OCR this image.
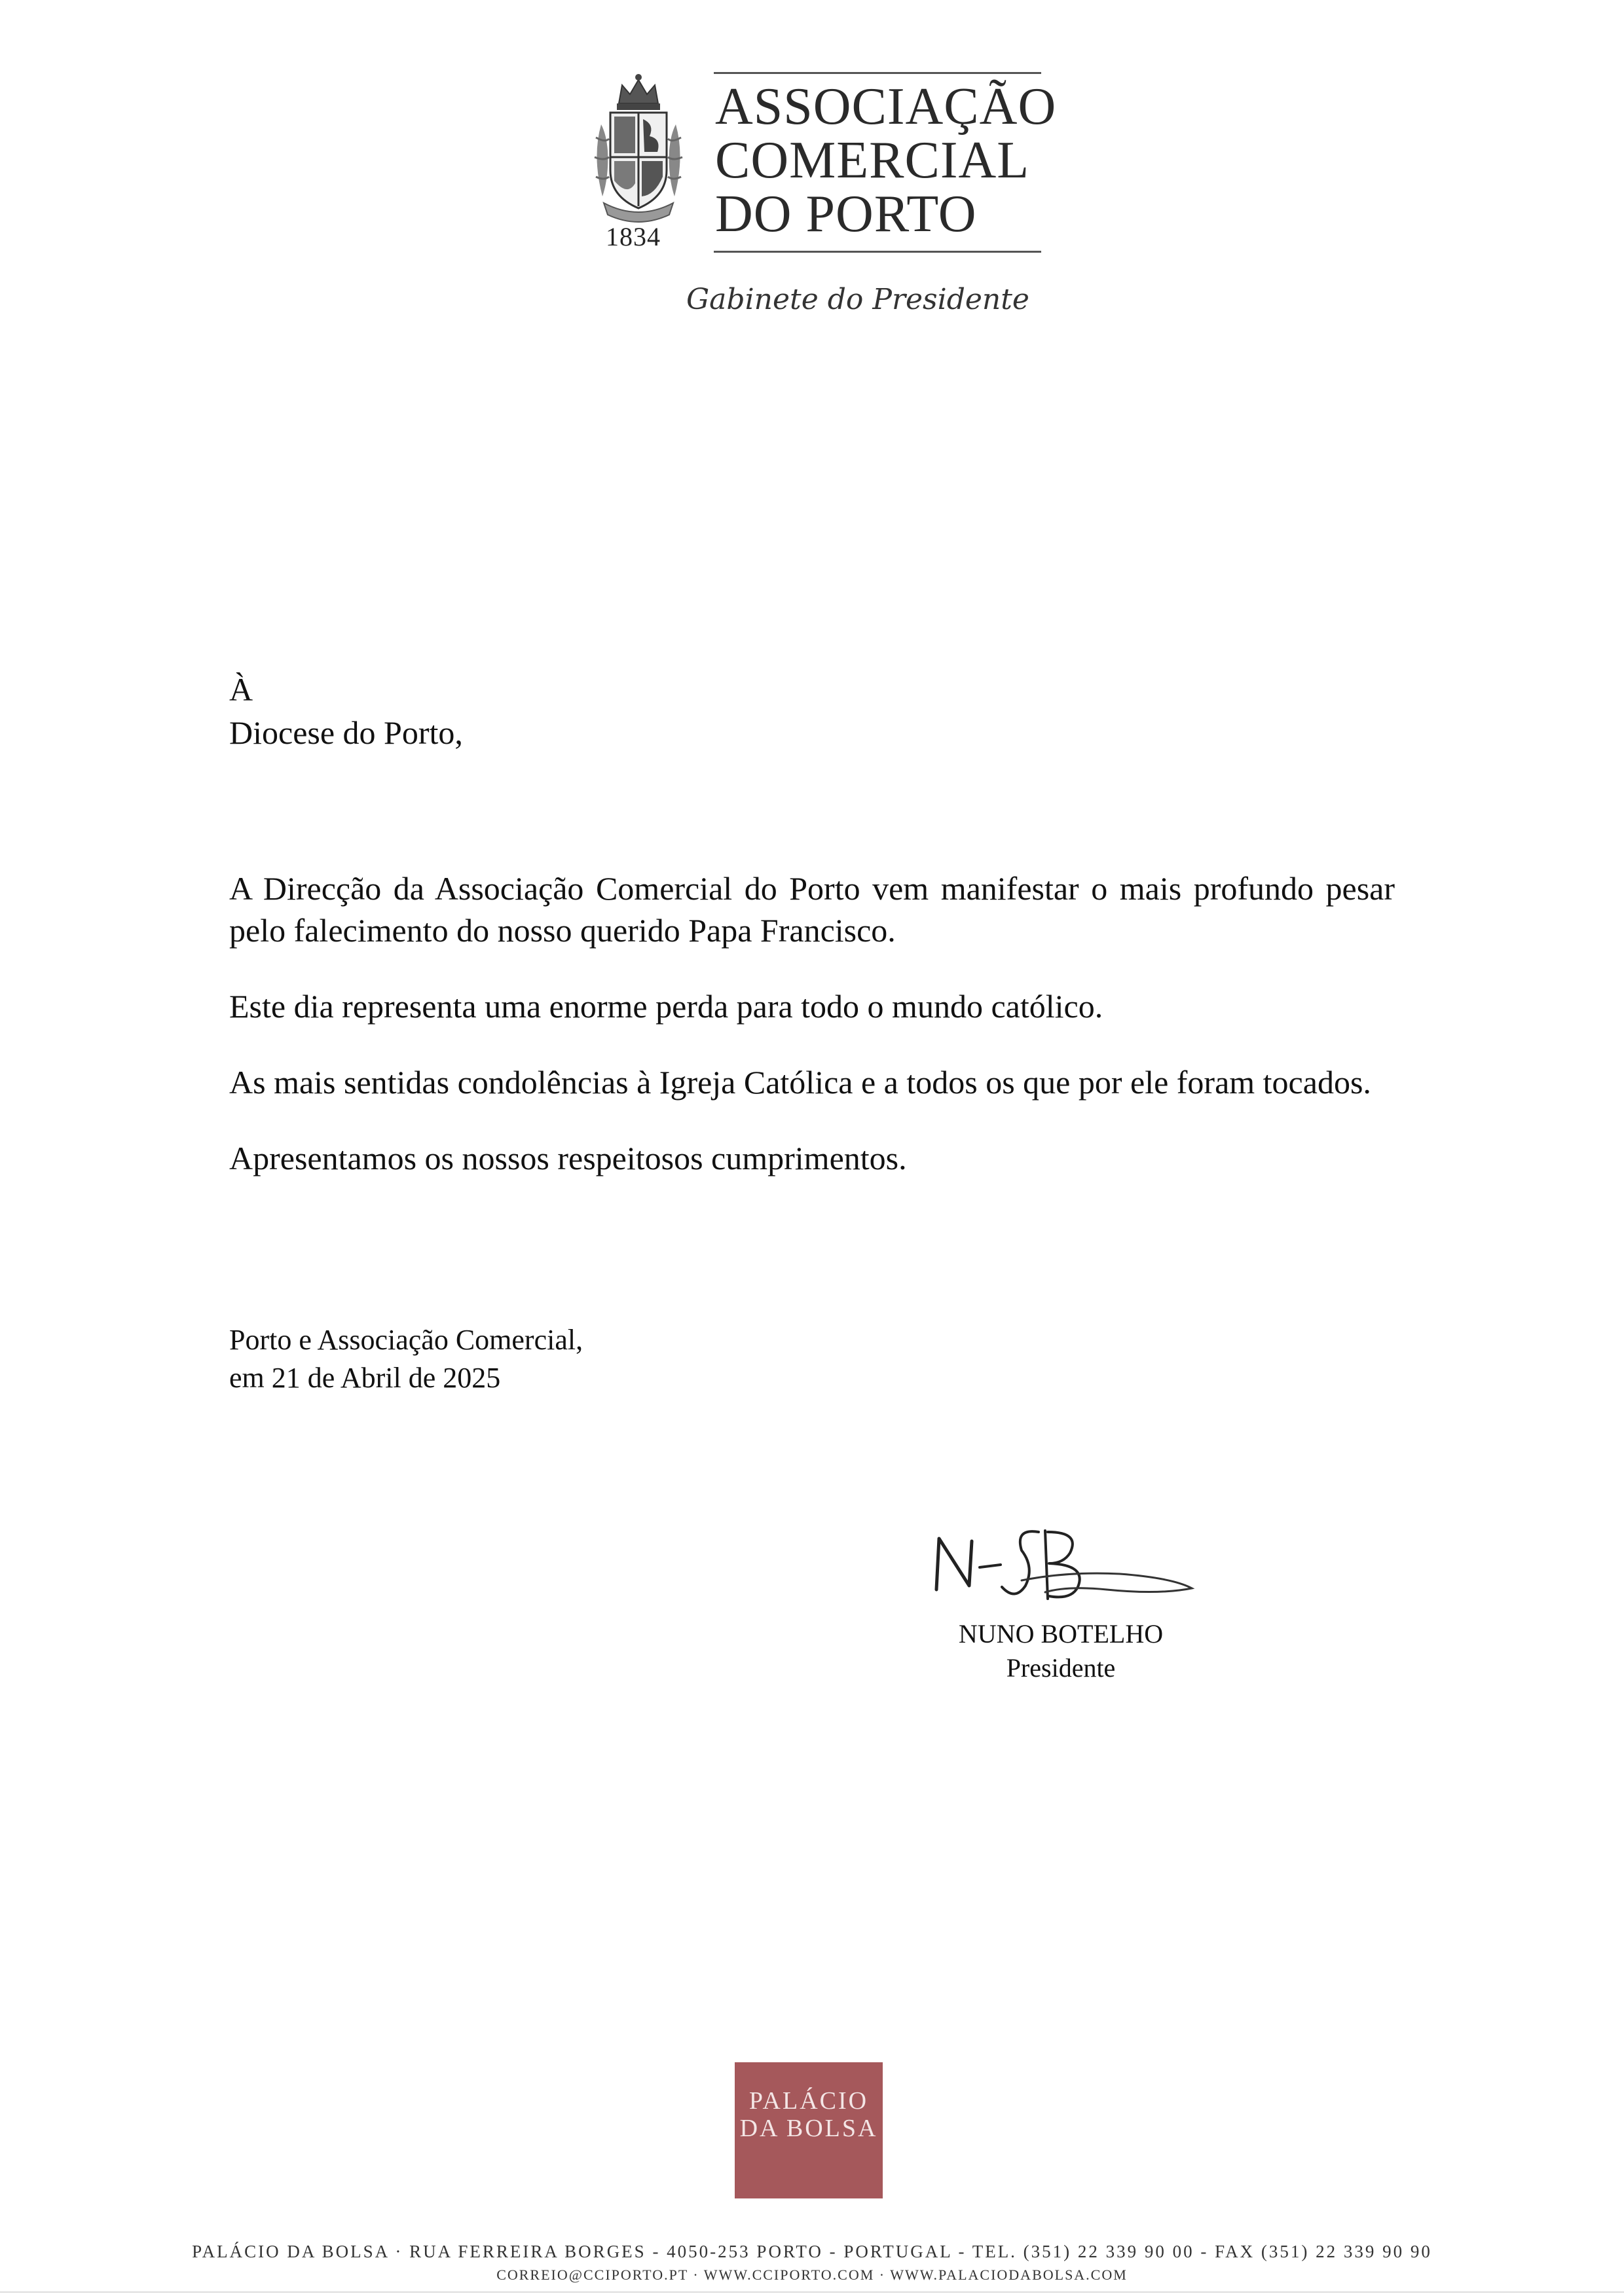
1834
ASSOCIAÇÃO
COMERCIAL
DO PORTO
Gabinete do Presidente
À
Diocese do Porto,

A Direcção da Associação Comercial do Porto vem manifestar o mais profundo pesar pelo falecimento do nosso querido Papa Francisco.

Este dia representa uma enorme perda para todo o mundo católico.

As mais sentidas condolências à Igreja Católica e a todos os que por ele foram tocados.

Apresentamos os nossos respeitosos cumprimentos.

Porto e Associação Comercial,
em 21 de Abril de 2025
NUNO BOTELHO
Presidente
PALÁCIO
DA BOLSA
PALÁCIO DA BOLSA · RUA FERREIRA BORGES - 4050-253 PORTO - PORTUGAL - TEL. (351) 22 339 90 00 - FAX (351) 22 339 90 90
CORREIO@CCIPORTO.PT · WWW.CCIPORTO.COM · WWW.PALACIODABOLSA.COM
